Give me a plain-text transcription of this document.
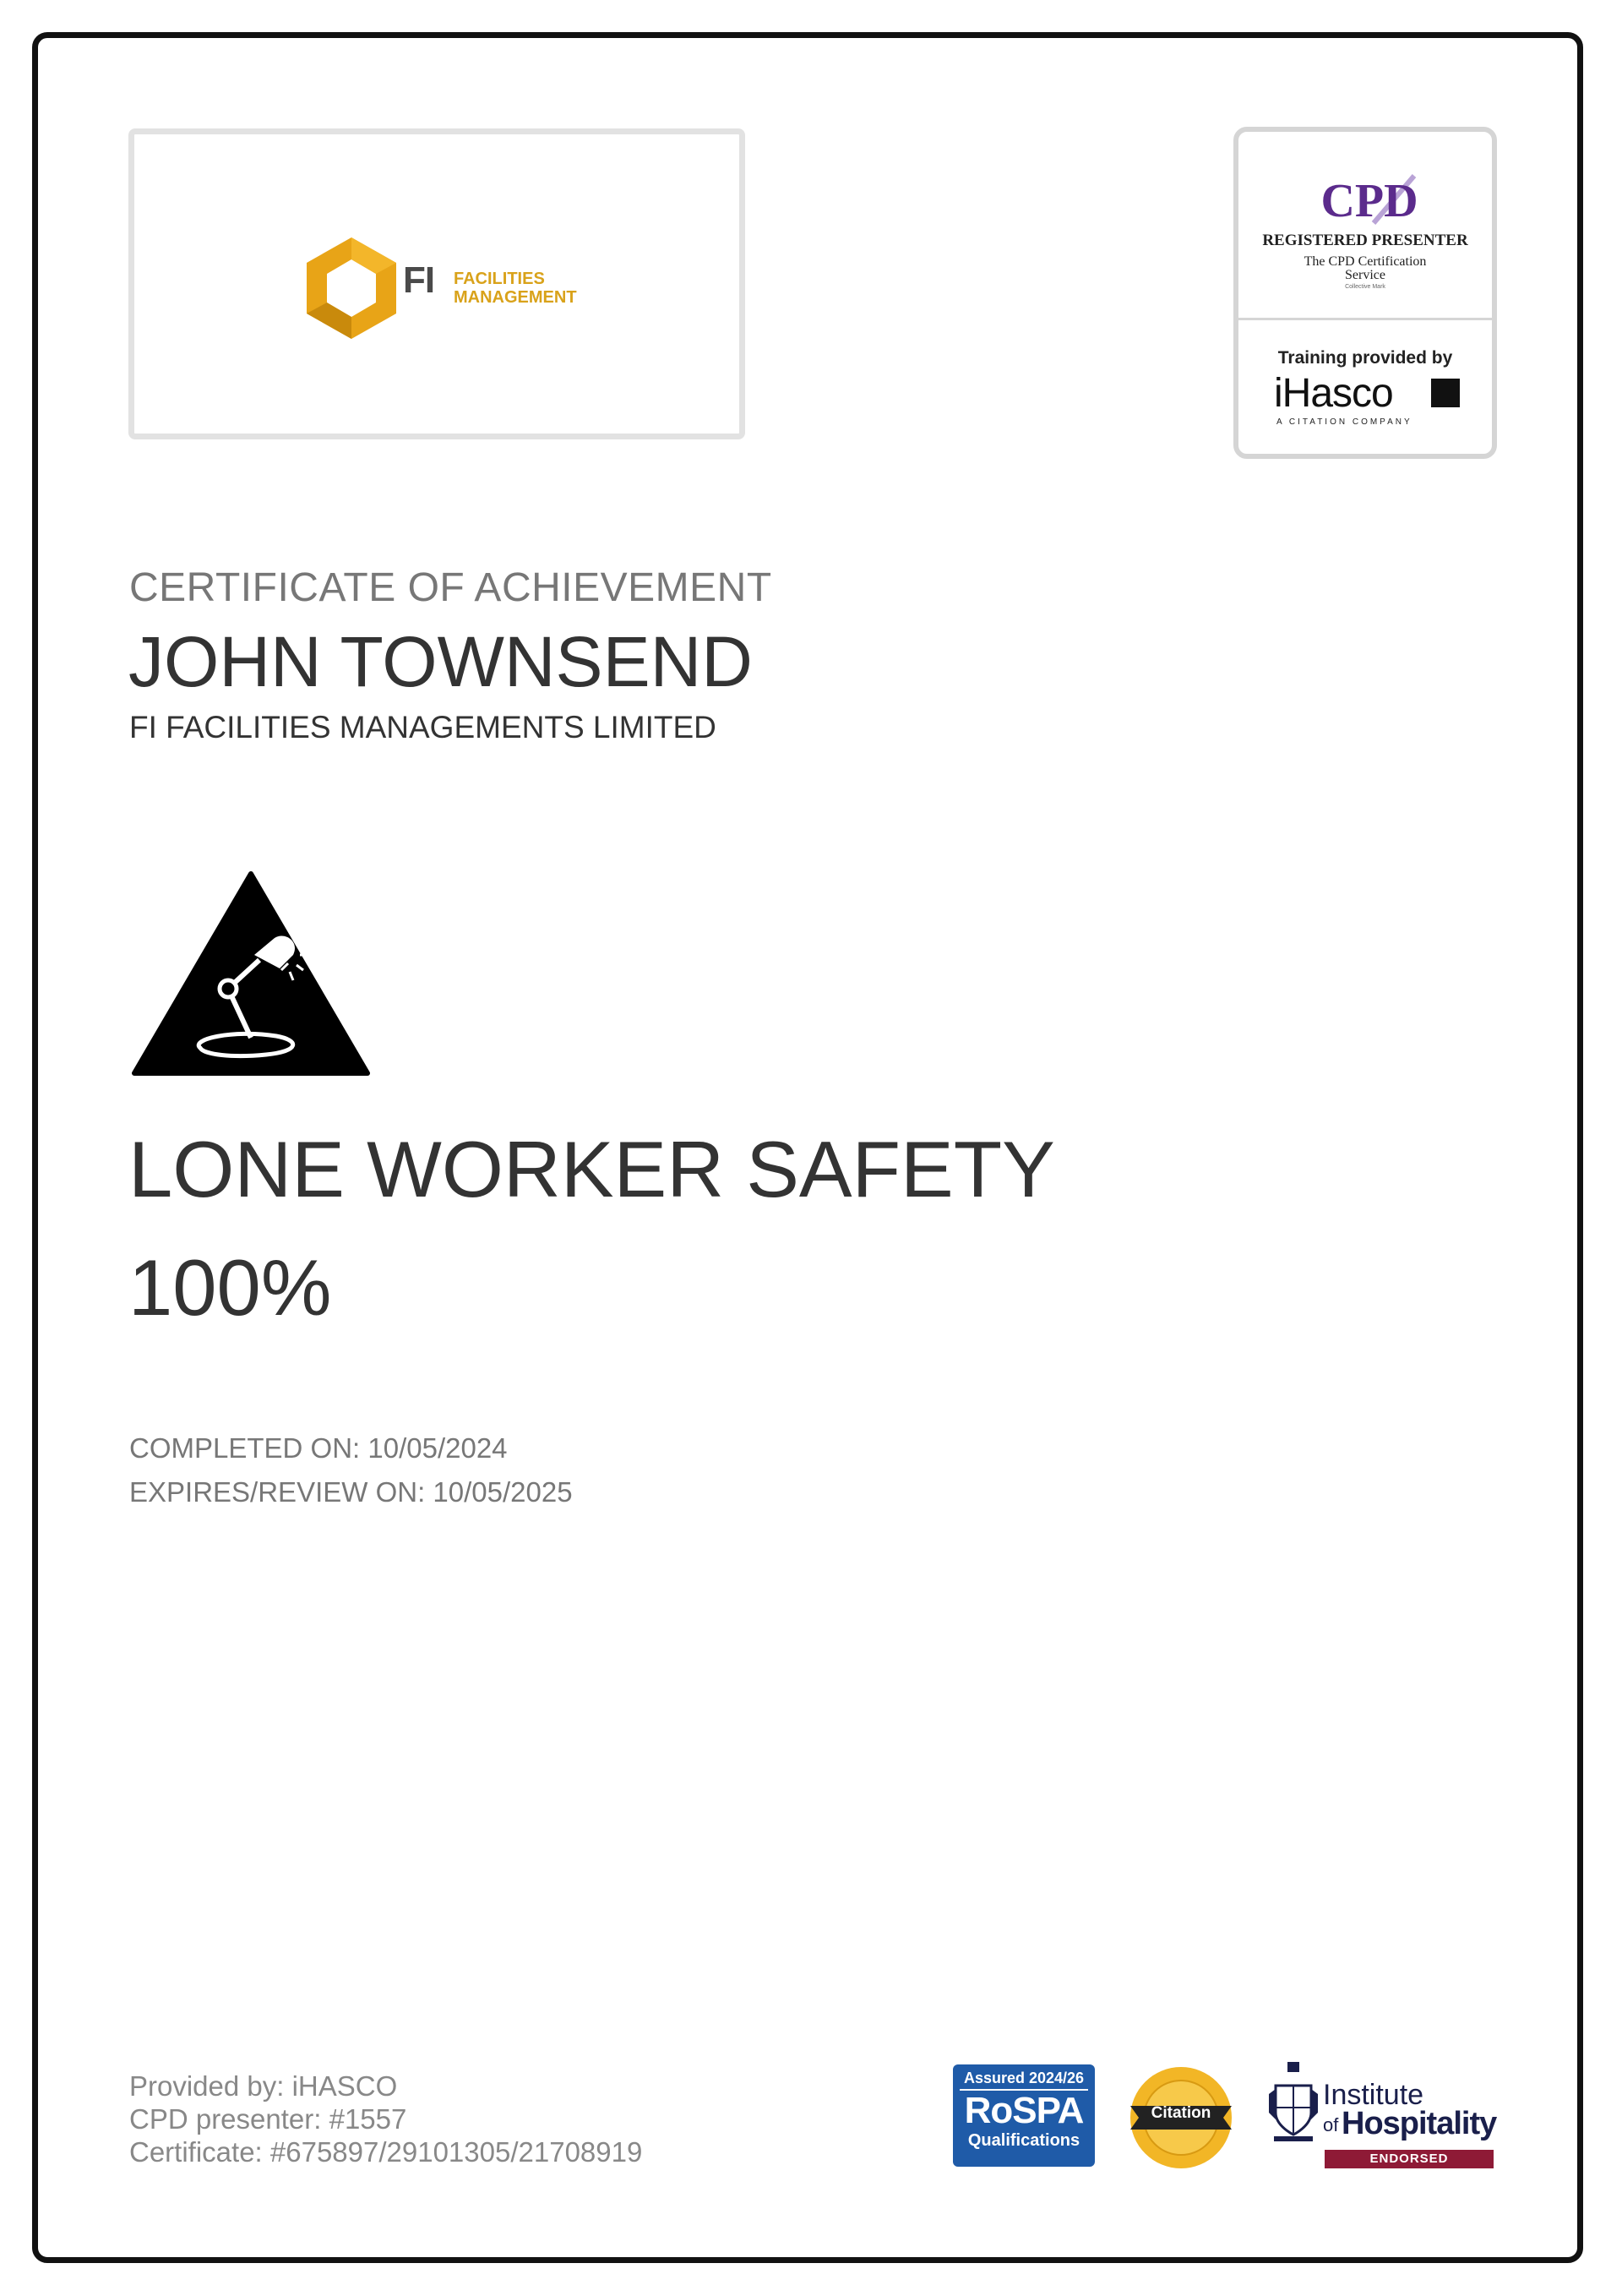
FI FACILITIES
MANAGEMENT
CPD
REGISTERED PRESENTER
The CPD Certification
Service
Collective Mark
Training provided by
iHasco
A CITATION COMPANY
CERTIFICATE OF ACHIEVEMENT
JOHN TOWNSEND
FI FACILITIES MANAGEMENTS LIMITED
LONE WORKER SAFETY
100%
COMPLETED ON: 10/05/2024
EXPIRES/REVIEW ON: 10/05/2025
Provided by: iHASCO
CPD presenter: #1557
Certificate: #675897/29101305/21708919
Assured 2024/26
RoSPA
Qualifications
Citation
Institute
of Hospitality
ENDORSED
